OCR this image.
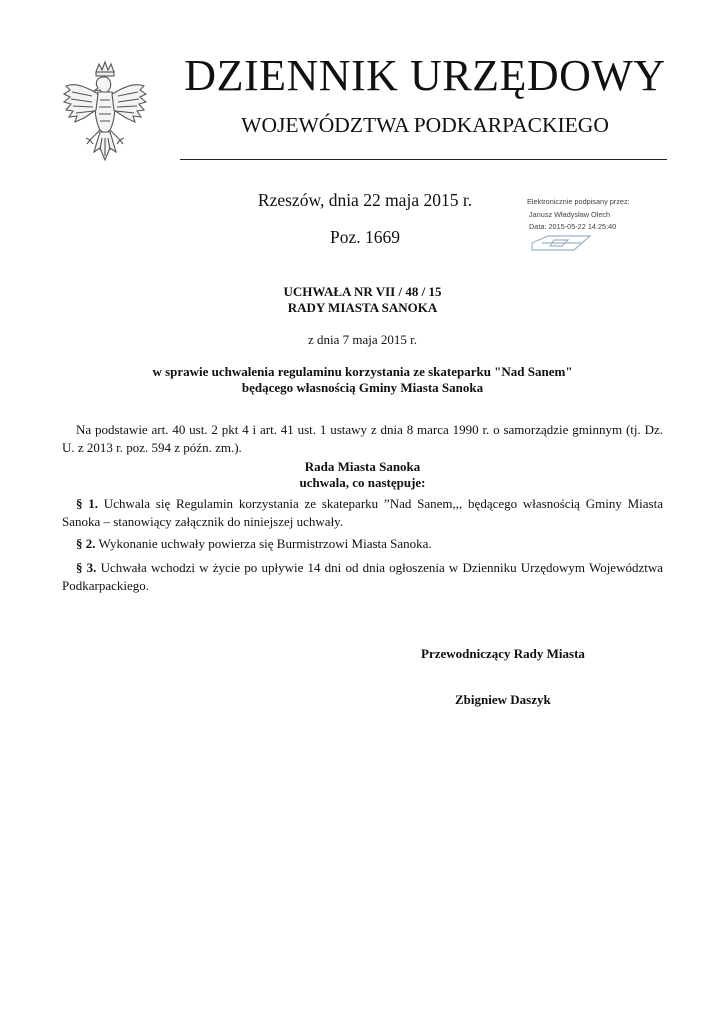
DZIENNIK URZĘDOWY
WOJEWÓDZTWA PODKARPACKIEGO
Rzeszów, dnia 22 maja 2015 r.
Poz. 1669
Elektronicznie podpisany przez:
Janusz Władysław Olech
Data: 2015-05-22 14:25:40
UCHWAŁA NR VII / 48 / 15
RADY MIASTA SANOKA
z dnia 7 maja 2015 r.
w sprawie uchwalenia regulaminu korzystania ze skateparku "Nad Sanem"
będącego własnością Gminy Miasta Sanoka
Na podstawie art. 40 ust. 2 pkt 4 i art. 41 ust. 1 ustawy z dnia 8 marca 1990 r. o samorządzie gminnym (tj. Dz. U. z 2013 r. poz. 594 z późn. zm.).
Rada Miasta Sanoka
uchwala, co następuje:
§ 1. Uchwala się Regulamin korzystania ze skateparku ”Nad Sanem,,, będącego własnością Gminy Miasta Sanoka – stanowiący załącznik do niniejszej uchwały.
§ 2. Wykonanie uchwały powierza się Burmistrzowi Miasta Sanoka.
§ 3. Uchwała wchodzi w życie po upływie 14 dni od dnia ogłoszenia w Dzienniku Urzędowym Województwa Podkarpackiego.
Przewodniczący Rady Miasta
Zbigniew Daszyk
